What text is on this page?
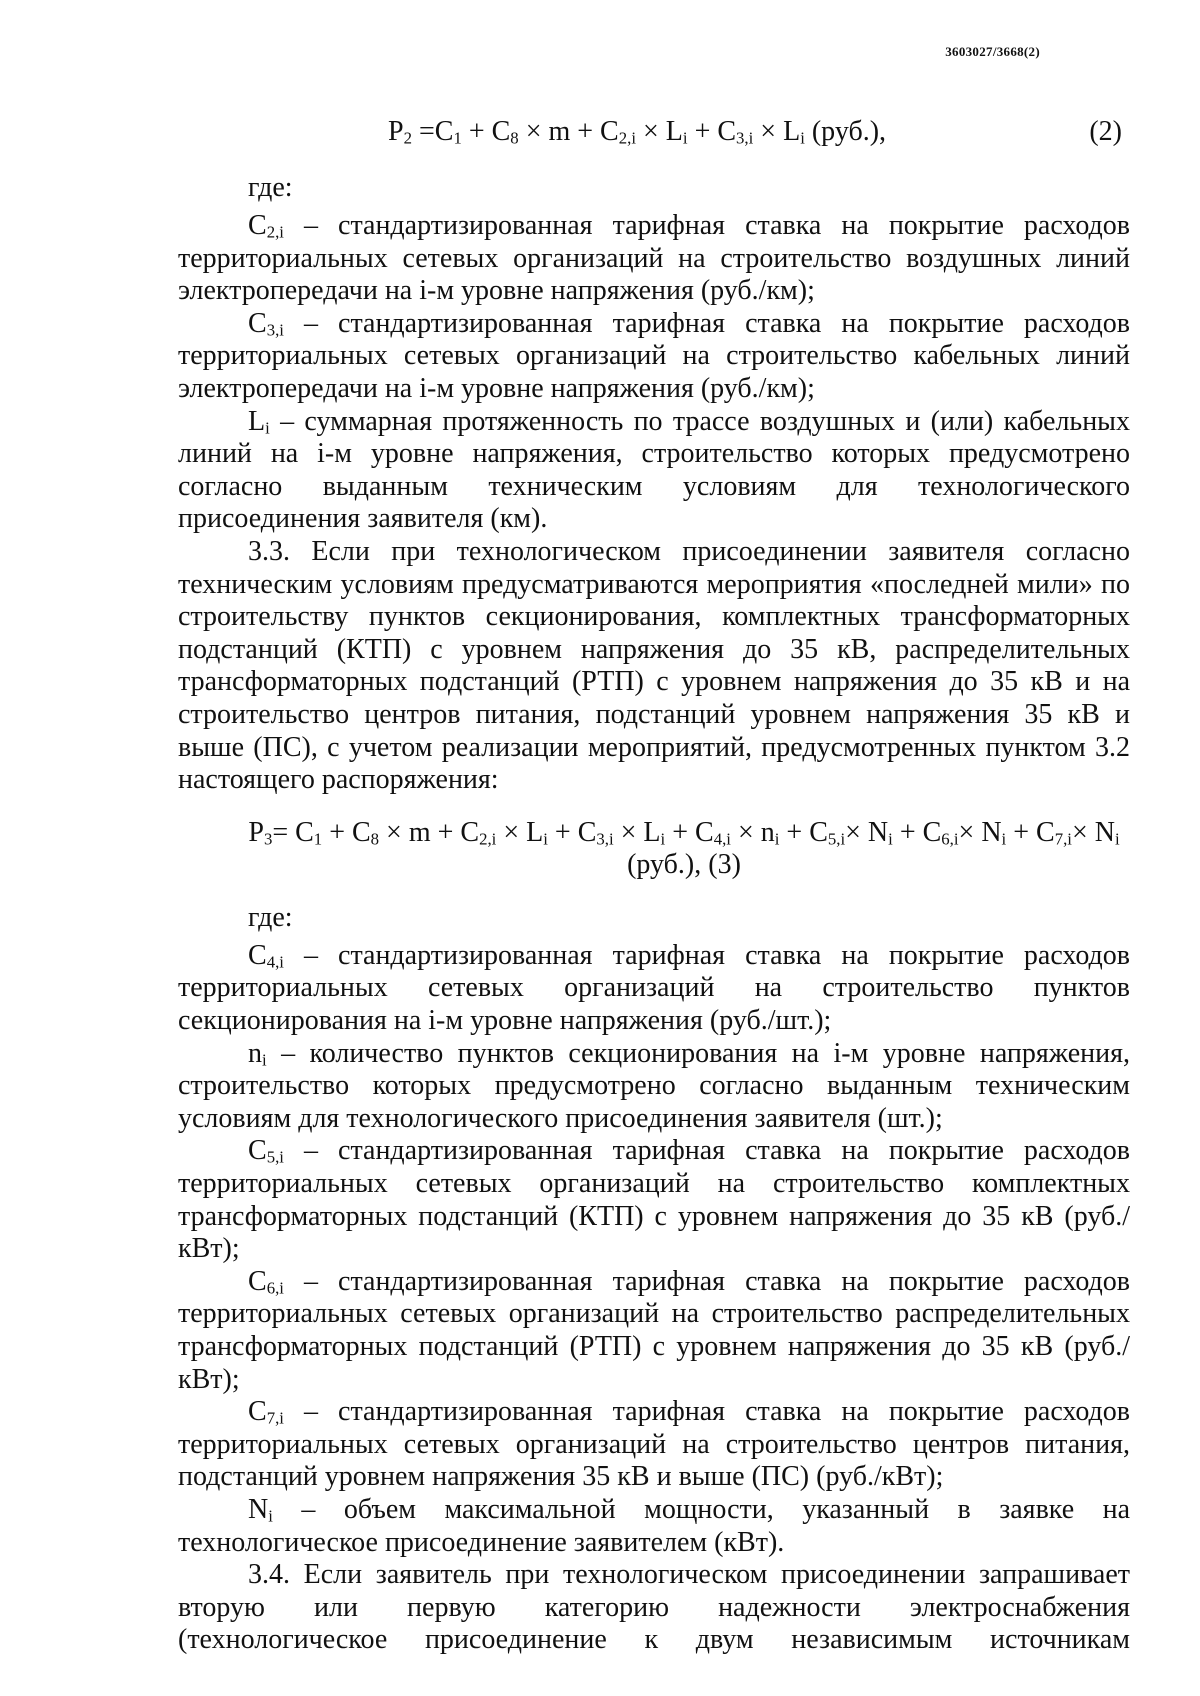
3603027/3668(2)
$P_2 =C_1 + C_8 \times m + C_{2,i} \times L_i + C_{3,i} \times L_i$ (руб.),	(2)

где:

$C_{2,i}$ – стандартизированная тарифная ставка на покрытие расходов территориальных сетевых организаций на строительство воздушных линий электропередачи на i-м уровне напряжения (руб./км);

$C_{3,i}$ – стандартизированная тарифная ставка на покрытие расходов территориальных сетевых организаций на строительство кабельных линий электропередачи на i-м уровне напряжения (руб./км);

$L_i$ – суммарная протяженность по трассе воздушных и (или) кабельных линий на i-м уровне напряжения, строительство которых предусмотрено согласно выданным техническим условиям для технологического присоединения заявителя (км).

3.3. Если при технологическом присоединении заявителя согласно техническим условиям предусматриваются мероприятия «последней мили» по строительству пунктов секционирования, комплектных трансформаторных подстанций (КТП) с уровнем напряжения до 35 кВ, распределительных трансформаторных подстанций (РТП) с уровнем напряжения до 35 кВ и на строительство центров питания, подстанций уровнем напряжения 35 кВ и выше (ПС), с учетом реализации мероприятий, предусмотренных пунктом 3.2 настоящего распоряжения:

$P_3= C_1 + C_8 \times m + C_{2,i} \times L_i + C_{3,i} \times L_i + C_{4,i} \times n_i + C_{5,i}\times N_i + C_{6,i}\times N_i + C_{7,i}\times N_i$

(руб.), (3)

где:

$C_{4,i}$ – стандартизированная тарифная ставка на покрытие расходов территориальных сетевых организаций на строительство пунктов секционирования на i-м уровне напряжения (руб./шт.);

$n_i$ – количество пунктов секционирования на i-м уровне напряжения, строительство которых предусмотрено согласно выданным техническим условиям для технологического присоединения заявителя (шт.);

$C_{5,i}$ – стандартизированная тарифная ставка на покрытие расходов территориальных сетевых организаций на строительство комплектных трансформаторных подстанций (КТП) с уровнем напряжения до 35 кВ (руб./кВт);

$C_{6,i}$ – стандартизированная тарифная ставка на покрытие расходов территориальных сетевых организаций на строительство распределительных трансформаторных подстанций (РТП) с уровнем напряжения до 35 кВ (руб./кВт);

$C_{7,i}$ – стандартизированная тарифная ставка на покрытие расходов территориальных сетевых организаций на строительство центров питания, подстанций уровнем напряжения 35 кВ и выше (ПС) (руб./кВт);

$N_i$ – объем максимальной мощности, указанный в заявке на технологическое присоединение заявителем (кВт).

3.4. Если заявитель при технологическом присоединении запрашивает вторую или первую категорию надежности электроснабжения (технологическое присоединение к двум независимым источникам
